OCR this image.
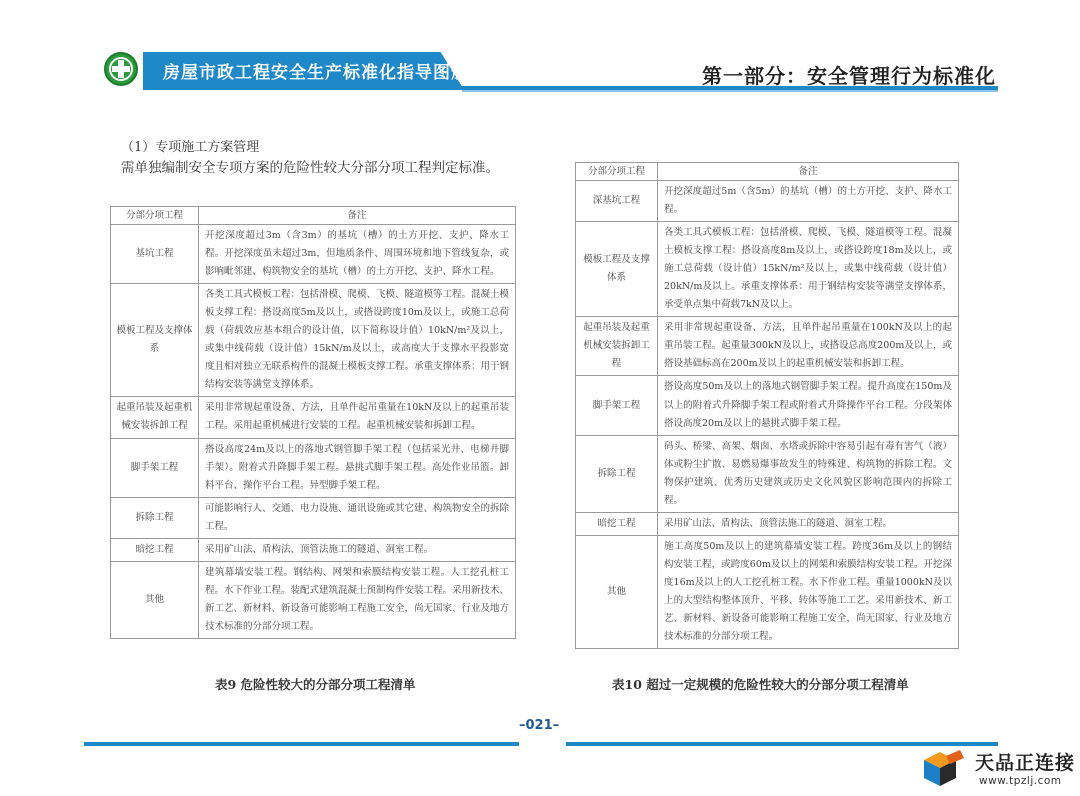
房屋市政工程安全生产标准化指导图册	第一部分：安全管理行为标准化
（1）专项施工方案管理
需单独编制安全专项方案的危险性较大分部分项工程判定标准。
分部分项工程	备注
基坑工程	开挖深度超过3m（含3m）的基坑（槽）的土方开挖、支护、降水工程。开挖深度虽未超过3m，但地质条件、周围环境和地下管线复杂，或影响毗邻建、构筑物安全的基坑（槽）的土方开挖、支护、降水工程。
模板工程及支撑体系	各类工具式模板工程：包括滑模、爬模、飞模、隧道模等工程。混凝土模板支撑工程：搭设高度5m及以上，或搭设跨度10m及以上，或施工总荷载（荷载效应基本组合的设计值，以下简称设计值）10kN/m²及以上，或集中线荷载（设计值）15kN/m及以上，或高度大于支撑水平投影宽度且相对独立无联系构件的混凝土模板支撑工程。承重支撑体系：用于钢结构安装等满堂支撑体系。
起重吊装及起重机械安装拆卸工程	采用非常规起重设备、方法，且单件起吊重量在10kN及以上的起重吊装工程。采用起重机械进行安装的工程。起重机械安装和拆卸工程。
脚手架工程	搭设高度24m及以上的落地式钢管脚手架工程（包括采光井、电梯井脚手架）。附着式升降脚手架工程。悬挑式脚手架工程。高处作业吊篮。卸料平台、操作平台工程。异型脚手架工程。
拆除工程	可能影响行人、交通、电力设施、通讯设施或其它建、构筑物安全的拆除工程。
暗挖工程	采用矿山法、盾构法、顶管法施工的隧道、洞室工程。
其他	建筑幕墙安装工程。钢结构、网架和索膜结构安装工程。人工挖孔桩工程。水下作业工程。装配式建筑混凝土预制构件安装工程。采用新技术、新工艺、新材料、新设备可能影响工程施工安全，尚无国家、行业及地方技术标准的分部分项工程。
表9 危险性较大的分部分项工程清单
分部分项工程	备注
深基坑工程	开挖深度超过5m（含5m）的基坑（槽）的土方开挖、支护、降水工程。
模板工程及支撑体系	各类工具式模板工程：包括滑模、爬模、飞模、隧道模等工程。混凝土模板支撑工程：搭设高度8m及以上，或搭设跨度18m及以上，或施工总荷载（设计值）15kN/m²及以上，或集中线荷载（设计值）20kN/m及以上。承重支撑体系：用于钢结构安装等满堂支撑体系，承受单点集中荷载7kN及以上。
起重吊装及起重机械安装拆卸工程	采用非常规起重设备、方法，且单件起吊重量在100kN及以上的起重吊装工程。起重量300kN及以上，或搭设总高度200m及以上，或搭设基础标高在200m及以上的起重机械安装和拆卸工程。
脚手架工程	搭设高度50m及以上的落地式钢管脚手架工程。提升高度在150m及以上的附着式升降脚手架工程或附着式升降操作平台工程。分段架体搭设高度20m及以上的悬挑式脚手架工程。
拆除工程	码头、桥梁、高架、烟囱、水塔或拆除中容易引起有毒有害气（液）体或粉尘扩散、易燃易爆事故发生的特殊建、构筑物的拆除工程。文物保护建筑、优秀历史建筑或历史文化风貌区影响范围内的拆除工程。
暗挖工程	采用矿山法、盾构法、顶管法施工的隧道、洞室工程。
其他	施工高度50m及以上的建筑幕墙安装工程。跨度36m及以上的钢结构安装工程，或跨度60m及以上的网架和索膜结构安装工程。开挖深度16m及以上的人工挖孔桩工程。水下作业工程。重量1000kN及以上的大型结构整体顶升、平移、转体等施工工艺。采用新技术、新工艺、新材料、新设备可能影响工程施工安全，尚无国家、行业及地方技术标准的分部分项工程。
表10 超过一定规模的危险性较大的分部分项工程清单
–021–
天品正连接
www.tpzlj.com
